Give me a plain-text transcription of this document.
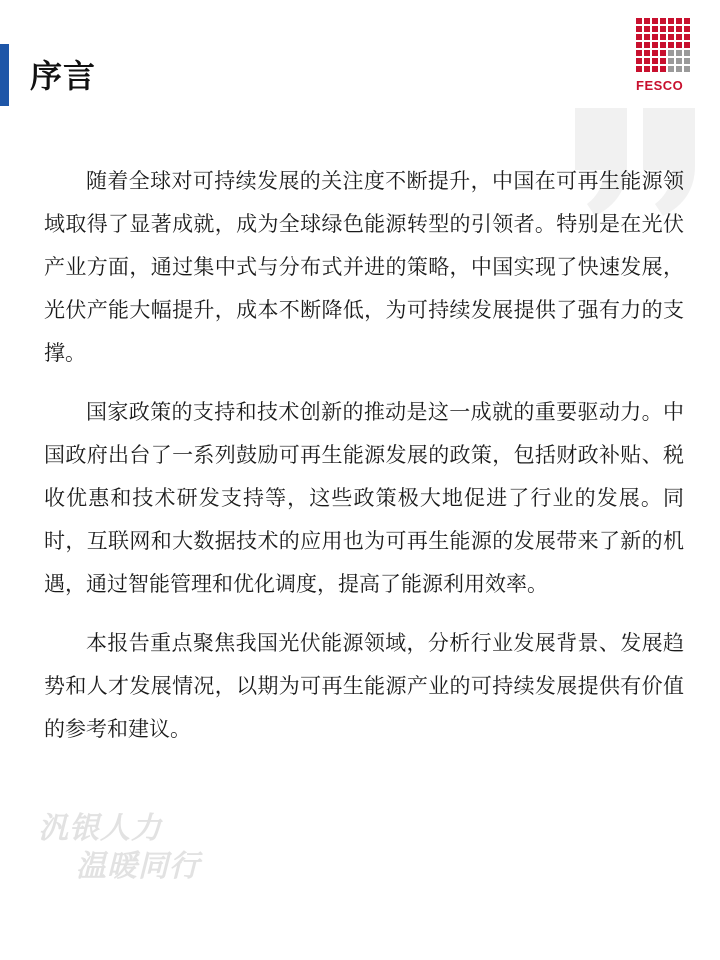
序言	FESCO

随着全球对可持续发展的关注度不断提升，中国在可再生能源领域取得了显著成就，成为全球绿色能源转型的引领者。特别是在光伏产业方面，通过集中式与分布式并进的策略，中国实现了快速发展，光伏产能大幅提升，成本不断降低，为可持续发展提供了强有力的支撑。

国家政策的支持和技术创新的推动是这一成就的重要驱动力。中国政府出台了一系列鼓励可再生能源发展的政策，包括财政补贴、税收优惠和技术研发支持等，这些政策极大地促进了行业的发展。同时，互联网和大数据技术的应用也为可再生能源的发展带来了新的机遇，通过智能管理和优化调度，提高了能源利用效率。

本报告重点聚焦我国光伏能源领域，分析行业发展背景、发展趋势和人才发展情况，以期为可再生能源产业的可持续发展提供有价值的参考和建议。

汎银人力
温暖同行
